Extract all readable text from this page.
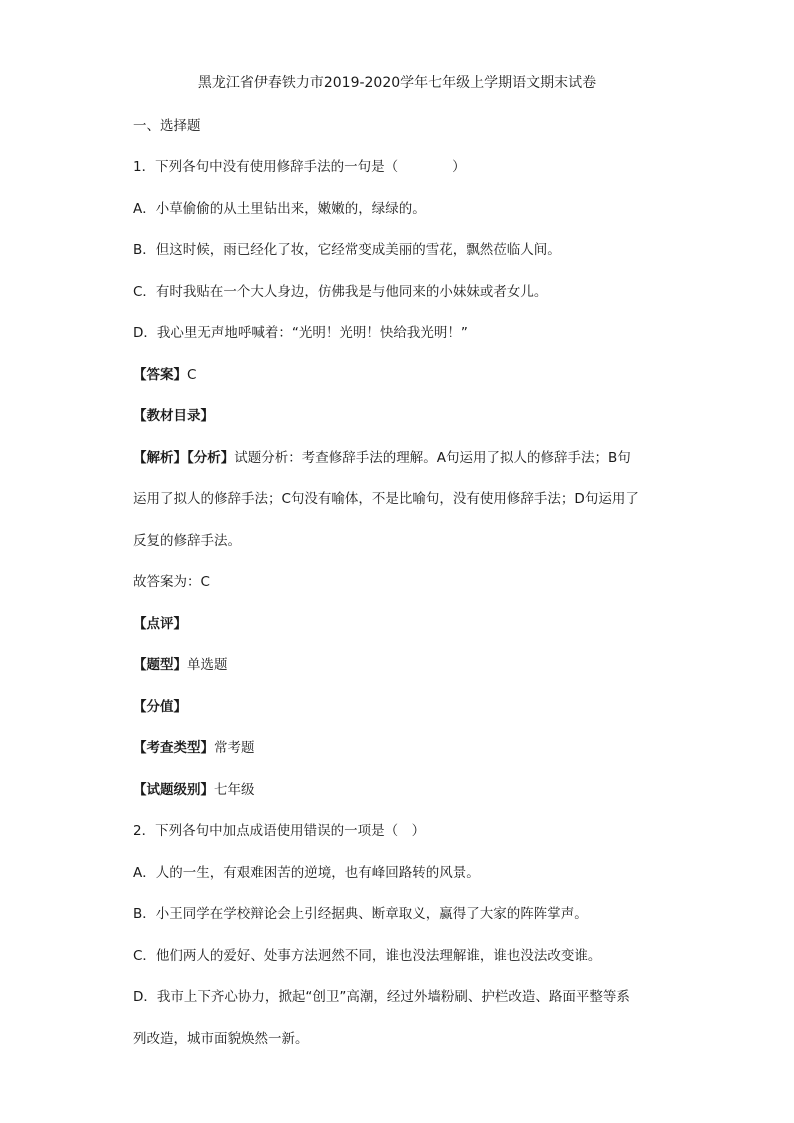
黑龙江省伊春铁力市2019-2020学年七年级上学期语文期末试卷
一、选择题
1．下列各句中没有使用修辞手法的一句是（　　　　）
A．小草偷偷的从土里钻出来，嫩嫩的，绿绿的。
B．但这时候，雨已经化了妆，它经常变成美丽的雪花，飘然莅临人间。
C．有时我贴在一个大人身边，仿佛我是与他同来的小妹妹或者女儿。
D．我心里无声地呼喊着：“光明！光明！快给我光明！”
【答案】C
【教材目录】
【解析】【分析】试题分析：考查修辞手法的理解。A句运用了拟人的修辞手法；B句
运用了拟人的修辞手法；C句没有喻体，不是比喻句，没有使用修辞手法；D句运用了
反复的修辞手法。
故答案为：C
【点评】
【题型】单选题
【分值】
【考查类型】常考题
【试题级别】七年级
2．下列各句中加点成语使用错误的一项是（　）
A．人的一生，有艰难困苦的逆境，也有峰回路转的风景。
B．小王同学在学校辩论会上引经据典、断章取义，赢得了大家的阵阵掌声。
C．他们两人的爱好、处事方法迥然不同，谁也没法理解谁，谁也没法改变谁。
D．我市上下齐心协力，掀起“创卫”高潮，经过外墙粉刷、护栏改造、路面平整等系
列改造，城市面貌焕然一新。
